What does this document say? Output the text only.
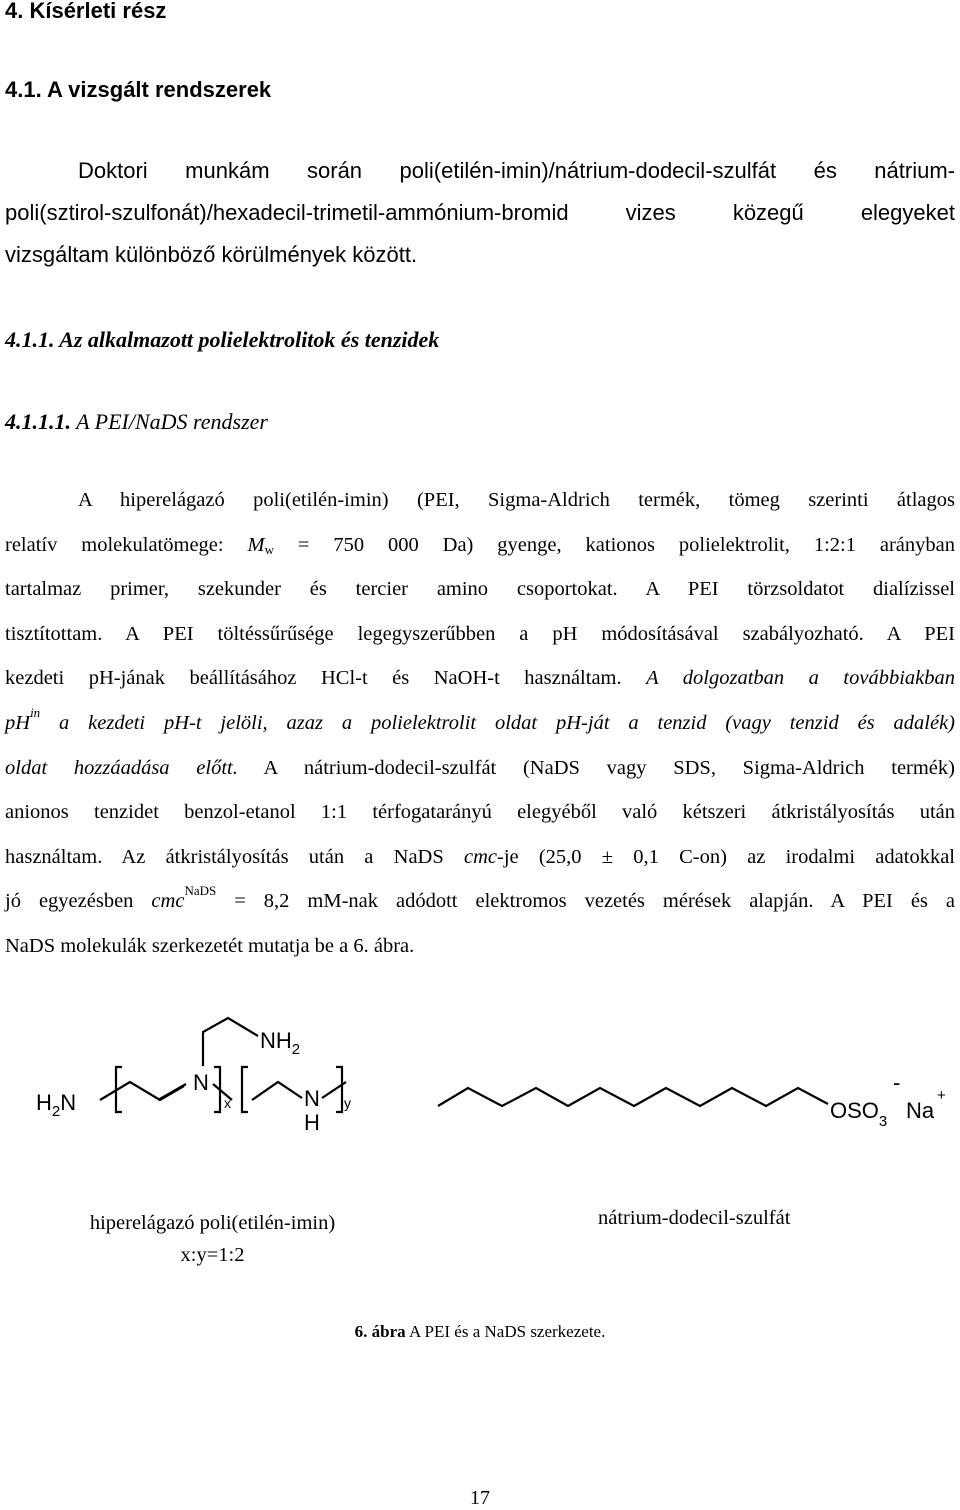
4. Kísérleti rész
4.1. A vizsgált rendszerek
Doktori munkám során poli(etilén-imin)/nátrium-dodecil-szulfát és nátrium-
poli(sztirol-szulfonát)/hexadecil-trimetil-ammónium-bromid vizes közegű elegyeket
vizsgáltam különböző körülmények között.
4.1.1. Az alkalmazott polielektrolitok és tenzidek
4.1.1.1. A PEI/NaDS rendszer
A hiperelágazó poli(etilén-imin) (PEI, Sigma-Aldrich termék, tömeg szerinti átlagos
relatív molekulatömege: $M_w = 750$ 000 Da) gyenge, kationos polielektrolit, 1:2:1 arányban
tartalmaz primer, szekunder és tercier amino csoportokat. A PEI törzsoldatot dialízissel
tisztítottam. A PEI töltéssűrűsége legegyszerűbben a pH módosításával szabályozható. A PEI
kezdeti pH-jának beállításához HCl-t és NaOH-t használtam. A dolgozatban a továbbiakban
$pH^{in}$ a kezdeti pH-t jelöli, azaz a polielektrolit oldat pH-ját a tenzid (vagy tenzid és adalék)
oldat hozzáadása előtt. A nátrium-dodecil-szulfát (NaDS vagy SDS, Sigma-Aldrich termék)
anionos tenzidet benzol-etanol 1:1 térfogatarányú elegyéből való kétszeri átkristályosítás után
használtam. Az átkristályosítás után a NaDS cmc-je (25,0 ± 0,1 C-on) az irodalmi adatokkal
jó egyezésben cmc$^{NaDS}$ = 8,2 mM-nak adódott elektromos vezetés mérések alapján. A PEI és a
NaDS molekulák szerkezetét mutatja be a 6. ábra.
$H_2N$
N
$NH_2$
x	N
H
y	$OSO_3$
-
Na
+
hiperelágazó poli(etilén-imin)
x:y=1:2
nátrium-dodecil-szulfát
6. ábra A PEI és a NaDS szerkezete.
17
